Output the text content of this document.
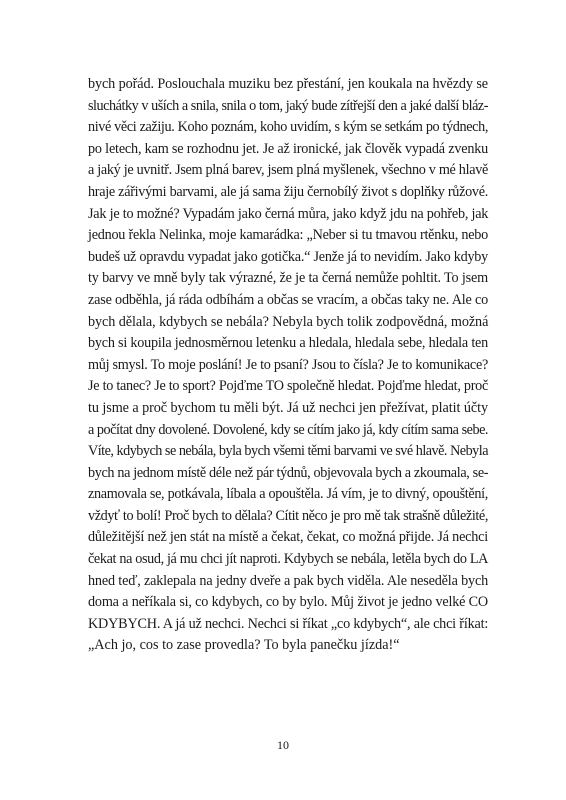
bych pořád. Poslouchala muziku bez přestání, jen koukala na hvězdy se
sluchátky v uších a snila, snila o tom, jaký bude zítřejší den a jaké další bláz-
nivé věci zažiju. Koho poznám, koho uvidím, s kým se setkám po týdnech,
po letech, kam se rozhodnu jet. Je až ironické, jak člověk vypadá zvenku
a jaký je uvnitř. Jsem plná barev, jsem plná myšlenek, všechno v mé hlavě
hraje zářivými barvami, ale já sama žiju černobílý život s doplňky růžové.
Jak je to možné? Vypadám jako černá můra, jako když jdu na pohřeb, jak
jednou řekla Nelinka, moje kamarádka: „Neber si tu tmavou rtěnku, nebo
budeš už opravdu vypadat jako gotička.“ Jenže já to nevidím. Jako kdyby
ty barvy ve mně byly tak výrazné, že je ta černá nemůže pohltit. To jsem
zase odběhla, já ráda odbíhám a občas se vracím, a občas taky ne. Ale co
bych dělala, kdybych se nebála? Nebyla bych tolik zodpovědná, možná
bych si koupila jednosměrnou letenku a hledala, hledala sebe, hledala ten
můj smysl. To moje poslání! Je to psaní? Jsou to čísla? Je to komunikace?
Je to tanec? Je to sport? Pojďme TO společně hledat. Pojďme hledat, proč
tu jsme a proč bychom tu měli být. Já už nechci jen přežívat, platit účty
a počítat dny dovolené. Dovolené, kdy se cítím jako já, kdy cítím sama sebe.
Víte, kdybych se nebála, byla bych všemi těmi barvami ve své hlavě. Nebyla
bych na jednom místě déle než pár týdnů, objevovala bych a zkoumala, se-
znamovala se, potkávala, líbala a opouštěla. Já vím, je to divný, opouštění,
vždyť to bolí! Proč bych to dělala? Cítit něco je pro mě tak strašně důležité,
důležitější než jen stát na místě a čekat, čekat, co možná přijde. Já nechci
čekat na osud, já mu chci jít naproti. Kdybych se nebála, letěla bych do LA
hned teď, zaklepala na jedny dveře a pak bych viděla. Ale neseděla bych
doma a neříkala si, co kdybych, co by bylo. Můj život je jedno velké CO
KDYBYCH. A já už nechci. Nechci si říkat „co kdybych“, ale chci říkat:
„Ach jo, cos to zase provedla? To byla panečku jízda!“
10
